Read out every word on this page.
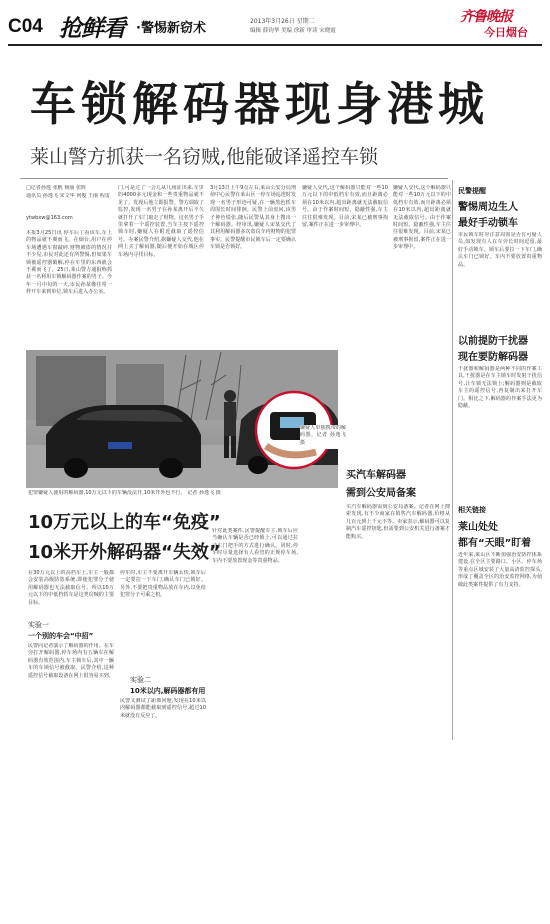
C04 抢鲜看 ·警惕新窃术	2013年3月26日 星期二
编辑 薛钧华 美编 徐新 审读 宋晓霞
齐鲁晚报
今日烟台
车锁解码器现身港城
莱山警方抓获一名窃贼,他能破译遥控车锁
□记者孙逸 张帆 杨丽 张晖
通讯员 孙逸飞 宋文华 何俊 王丽 程雷
ytwbxw@163.com
本报3月25日讯 停车后了看该车,车上的物品就不翼而飞。在烟台,用户在停车场遭遇车窗敲碎,财物被盗的情况并不少见,市民对此还有所警惕,但如果车锁被遥控器破解,停在车里的东西就会不翼而飞了。25日,莱山警方通报称抓获一名利用车锁解码器作案的男子。今年一月中旬的一天,市民孙某像往常一样开车来到单位,锁车后进入办公室。
门,可是过了一会儿从几场证出来,车里的4000多元现金和一些贵重物品就不见了。发现后他立即报警。警方调取了监控,发现一名男子在孙某离开后不久就打开了车门取走了财物。这名男子手里拿着一个遥控装置,当车主按下遥控锁车时,嫌疑人在附近截取了遥控信号。办案民警介绍,据嫌疑人交代,他在网上买了解码器,随后便开始在城区停车场内寻找目标。
3月13日上午9点左右,莱山公安分局刑侦中心民警在莱山区一停车场巡逻时发现一名男子形迹可疑,在一辆黑色轿车周围长时间徘徊。民警上前盘问,该男子神色慌张,随后民警从其身上搜出一个解码器。经审讯,嫌疑人宋某交代了其利用解码器多次盗窃车内财物的犯罪事实。民警提醒市民锁车后一定要确认车锁是否锁好。
嫌疑人交代,这个解码器只能对一些10万元以下的中低档车有效,而且距离必须在10米以内,超出距离就无法截取信号。由于作案时间短、隐蔽性强,车主往往很难发现。目前,宋某已被刑事拘留,案件正在进一步审理中。
嫌疑人交代,这个解码器只能对一些10万元以下的中低档车有效,而且距离必须在10米以内,超出距离就无法截取信号。由于作案时间短、隐蔽性强,车主往往很难发现。目前,宋某已被刑事拘留,案件正在进一步审理中。
嫌疑人单独携带的解码器。记者 孙逸飞 摄
犯罪嫌疑人使用的解码器,10万元以下的车辆没法开,10米开外也不行。 记者 孙逸飞 摄
10万元以上的车“免疫”
10米开外解码器“失效”
在30万元以上的高档车上,车主一般都会安装高级防盗系统,即使犯罪分子使用解码器也无法截取信号。所以10万元以下的中低档轿车是这类窃贼的主要目标。
实验一
一个别的车会“中招”
民警向记者演示了解码器的作用。在车旁打开解码器,停车场内有五辆车在解码器有效范围内,车主锁车后,其中一辆车的车锁信号被截取。民警介绍,这种遥控信号截取设备在网上很容易买到。
停车时,车主不要离开车辆太快,锁车后一定要拉一下车门,确认车门已锁好。另外,不要把贵重物品放在车内,以免给犯罪分子可乘之机。
实验二
10米以内,解码器都有用
民警又测试了距离问题,发现在10米以内解码器都能截取到遥控信号,超过10米就没有反应了。
针对此类案件,民警提醒车主,锁车后应当确认车辆是否已经锁上,可以通过拉动车门把手的方式进行确认。同时,停车时尽量选择有人看管的正规停车场,车内不要放置现金等贵重物品。
买汽车解码器
需到公安局备案
买汽车解码器需到公安局备案。记者在网上搜索发现,有不少商家在销售汽车解码器,价格从几百元到上千元不等。卖家表示,解码器可以复制汽车遥控钥匙,但需要到公安机关进行备案才能购买。
民警提醒
警惕周边生人
最好手动锁车
市民锁车时应注意周围是否有可疑人员,如发现有人在车旁长时间逗留,最好手动锁车。锁车后要拉一下车门,确认车门已锁好。车内不要放置贵重物品。
以前提防干扰器
现在要防解码器
干扰器和解码器是两种不同的作案工具,干扰器是在车主锁车时发射干扰信号,让车锁无法锁上;解码器则是截取车主的遥控信号,再复制出来打开车门。相比之下,解码器的作案手法更为隐蔽。
相关链接
莱山处处
都有“天眼”盯着
近年来,莱山区不断加强治安防控体系建设,在全区主要路口、小区、停车场等重点区域安装了大量高清监控探头,形成了覆盖全区的治安监控网络,为侦破此类案件提供了有力支持。
